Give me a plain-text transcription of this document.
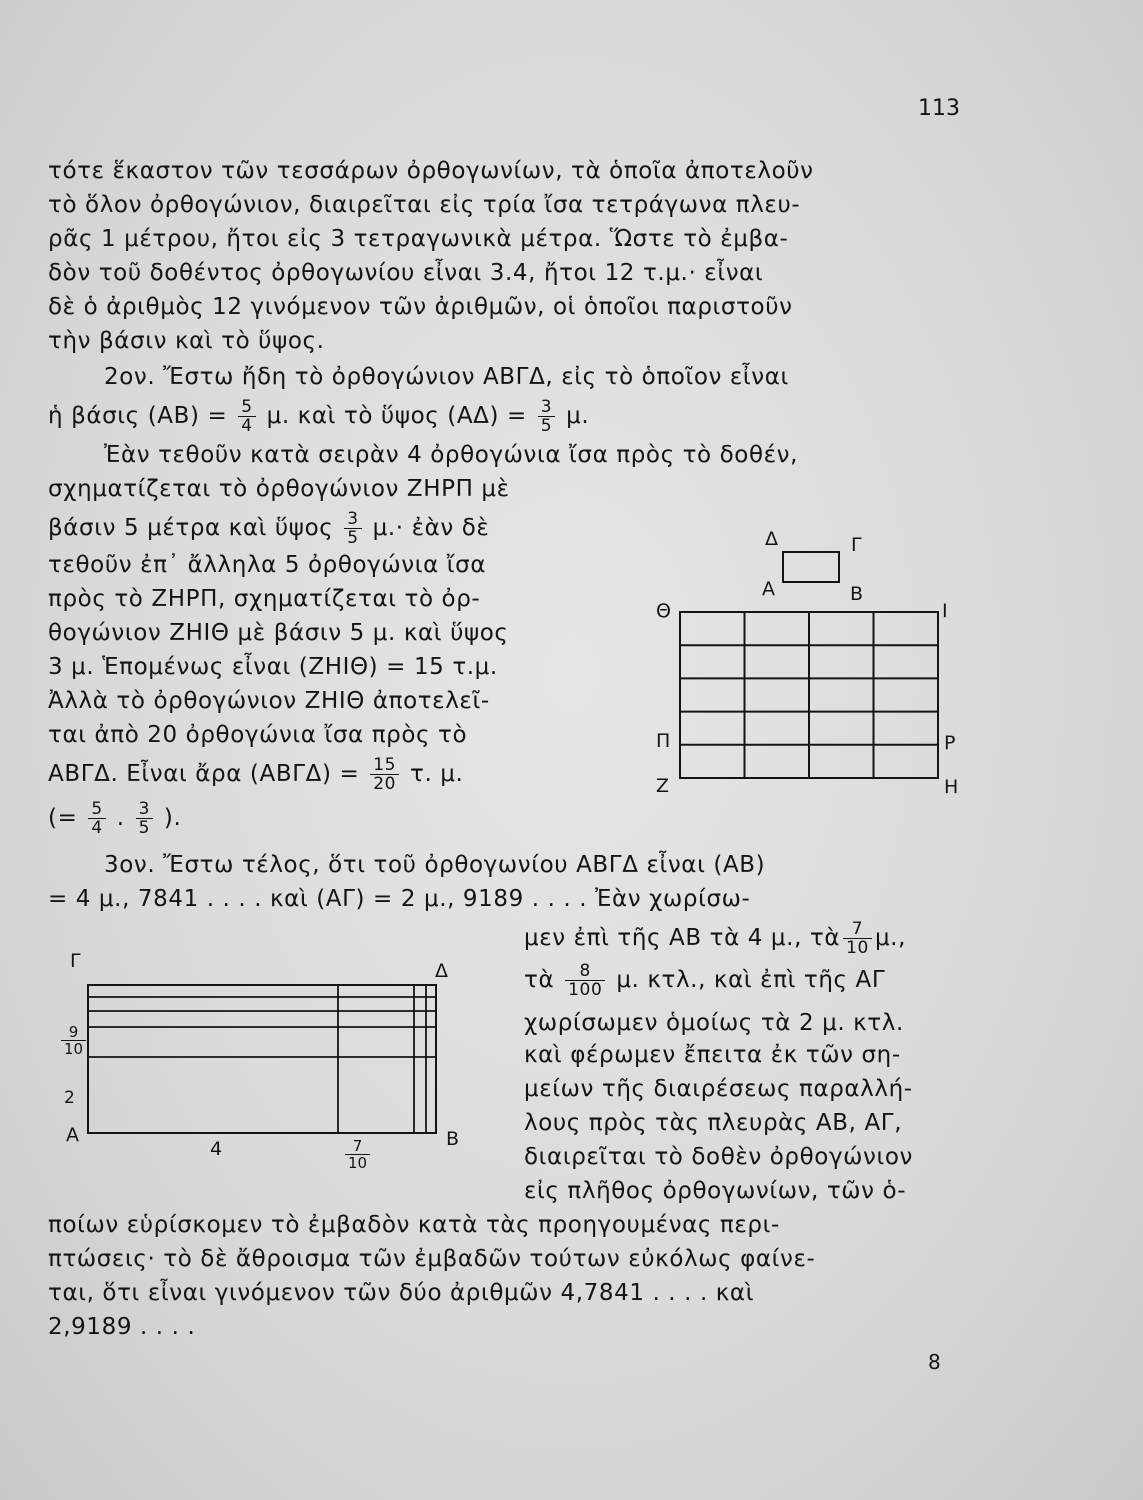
113
τότε ἕκαστον τῶν τεσσάρων ὀρθογωνίων, τὰ ὁποῖα ἀποτελοῦν
τὸ ὅλον ὀρθογώνιον, διαιρεῖται εἰς τρία ἴσα τετράγωνα πλευ-
ρᾶς 1 μέτρου, ἤτοι εἰς 3 τετραγωνικὰ μέτρα. Ὥστε τὸ ἐμβα-
δὸν τοῦ δοθέντος ὀρθογωνίου εἶναι 3.4, ἤτοι 12 τ.μ.· εἶναι
δὲ ὁ ἀριθμὸς 12 γινόμενον τῶν ἀριθμῶν, οἱ ὁποῖοι παριστοῦν
τὴν βάσιν καὶ τὸ ὕψος.
2ον. Ἔστω ἤδη τὸ ὀρθογώνιον ΑΒΓΔ, εἰς τὸ ὁποῖον εἶναι
ἡ βάσις $(AB) = \frac{5}{4} \mu$. καὶ τὸ ὕψος $(A\Delta) = \frac{3}{5} \mu$.
Ἐὰν τεθοῦν κατὰ σειρὰν 4 ὀρθογώνια ἴσα πρὸς τὸ δοθέν,
σχηματίζεται τὸ ὀρθογώνιον ΖΗΡΠ μὲ
βάσιν 5 μέτρα καὶ ὕψος $\frac{3}{5} \mu.\cdot$ ἐὰν δὲ
τεθοῦν ἐπ᾽ ἄλληλα 5 ὀρθογώνια ἴσα
πρὸς τὸ ΖΗΡΠ, σχηματίζεται τὸ ὀρ-
θογώνιον ΖΗΙΘ μὲ βάσιν 5 μ. καὶ ὕψος
3 μ. Ἑπομένως εἶναι (ΖΗΙΘ) = 15 τ.μ.
Ἀλλὰ τὸ ὀρθογώνιον ΖΗΙΘ ἀποτελεῖ-
ται ἀπὸ 20 ὀρθογώνια ἴσα πρὸς τὸ
ΑΒΓΔ. Εἶναι ἄρα $(AB\Gamma\Delta) = \frac{15}{20} \tau$. μ.
(= $\frac{5}{4}$ . $\frac{3}{5}$ ).
3ον. Ἔστω τέλος, ὅτι τοῦ ὀρθογωνίου ΑΒΓΔ εἶναι (ΑΒ)
= 4 μ., 7841 . . . . καὶ (ΑΓ) = 2 μ., 9189 . . . . Ἐὰν χωρίσω-
μεν ἐπὶ τῆς ΑΒ τὰ 4 μ., τὰ $\frac{7}{10} \mu$.,
τὰ $\frac{8}{100} \mu$. κτλ., καὶ ἐπὶ τῆς ΑΓ
χωρίσωμεν ὁμοίως τὰ 2 μ. κτλ.
καὶ φέρωμεν ἔπειτα ἐκ τῶν ση-
μείων τῆς διαιρέσεως παραλλή-
λους πρὸς τὰς πλευρὰς ΑΒ, ΑΓ,
διαιρεῖται τὸ δοθὲν ὀρθογώνιον
εἰς πλῆθος ὀρθογωνίων, τῶν ὁ-
ποίων εὑρίσκομεν τὸ ἐμβαδὸν κατὰ τὰς προηγουμένας περι-
πτώσεις· τὸ δὲ ἄθροισμα τῶν ἐμβαδῶν τούτων εὐκόλως φαίνε-
ται, ὅτι εἶναι γινόμενον τῶν δύο ἀριθμῶν 4,7841 . . . . καὶ
2,9189 . . . .
8
Δ	Γ
Α	Β
Θ	Ι
Π	Ρ
Ζ	Η
Γ	Δ
Α	Β
$\frac{9}{10}$
2
4	$\frac{7}{10}$
